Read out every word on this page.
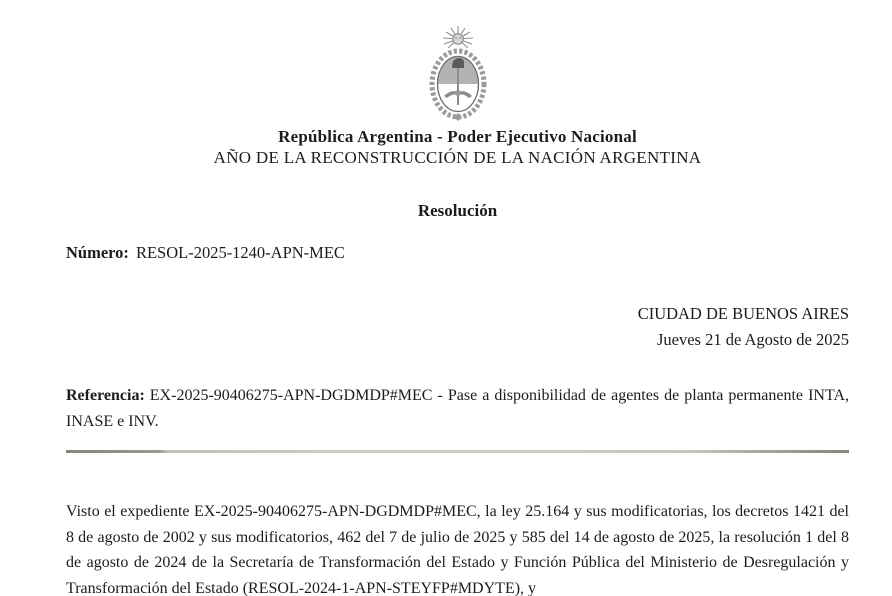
República Argentina - Poder Ejecutivo Nacional
AÑO DE LA RECONSTRUCCIÓN DE LA NACIÓN ARGENTINA
Resolución
Número: RESOL-2025-1240-APN-MEC
CIUDAD DE BUENOS AIRES
Jueves 21 de Agosto de 2025
Referencia: EX-2025-90406275-APN-DGDMDP#MEC - Pase a disponibilidad de agentes de planta permanente INTA, INASE e INV.
Visto el expediente EX-2025-90406275-APN-DGDMDP#MEC, la ley 25.164 y sus modificatorias, los decretos 1421 del 8 de agosto de 2002 y sus modificatorios, 462 del 7 de julio de 2025 y 585 del 14 de agosto de 2025, la resolución 1 del 8 de agosto de 2024 de la Secretaría de Transformación del Estado y Función Pública del Ministerio de Desregulación y Transformación del Estado (RESOL-2024-1-APN-STEYFP#MDYTE), y
